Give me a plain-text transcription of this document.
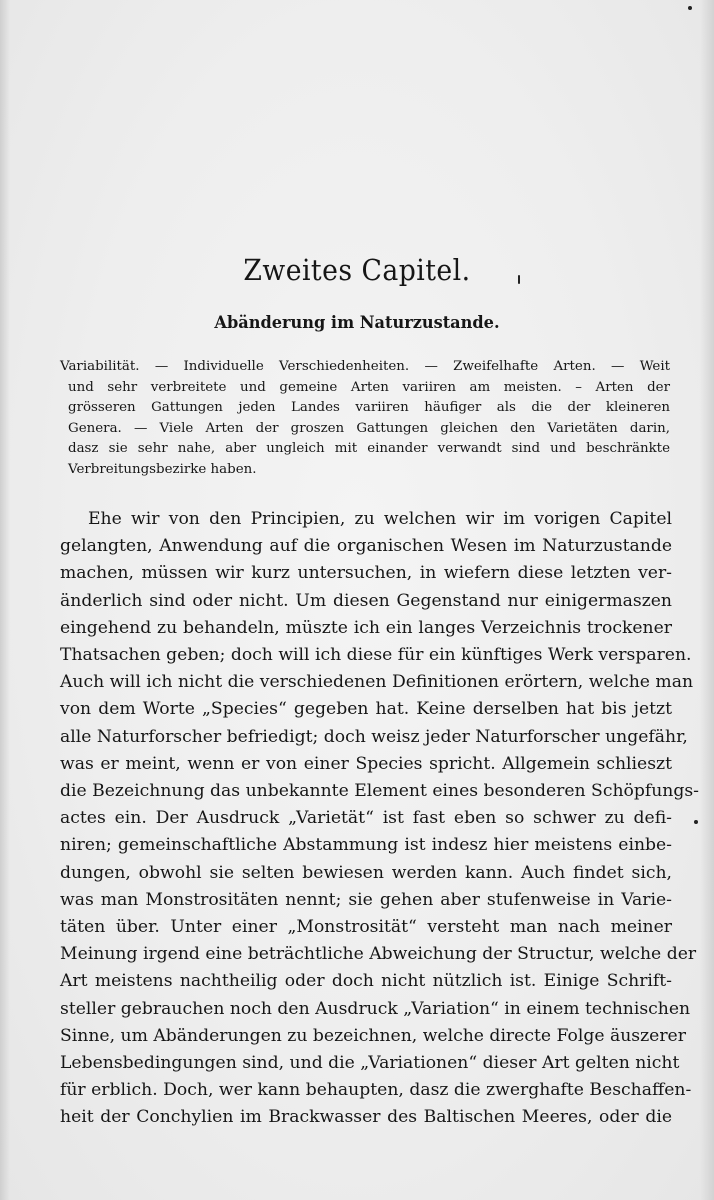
Zweites Capitel.
Abänderung im Naturzustande.
Variabilität. — Individuelle Verschiedenheiten. — Zweifelhafte Arten. — Weit
und sehr verbreitete und gemeine Arten variiren am meisten. – Arten der
grösseren Gattungen jeden Landes variiren häufiger als die der kleineren
Genera. — Viele Arten der groszen Gattungen gleichen den Varietäten darin,
dasz sie sehr nahe, aber ungleich mit einander verwandt sind und beschränkte
Verbreitungsbezirke haben.
Ehe wir von den Principien, zu welchen wir im vorigen Capitel
gelangten, Anwendung auf die organischen Wesen im Naturzustande
machen, müssen wir kurz untersuchen, in wiefern diese letzten ver-
änderlich sind oder nicht. Um diesen Gegenstand nur einigermaszen
eingehend zu behandeln, müszte ich ein langes Verzeichnis trockener
Thatsachen geben; doch will ich diese für ein künftiges Werk versparen.
Auch will ich nicht die verschiedenen Definitionen erörtern, welche man
von dem Worte „Species“ gegeben hat. Keine derselben hat bis jetzt
alle Naturforscher befriedigt; doch weisz jeder Naturforscher ungefähr,
was er meint, wenn er von einer Species spricht. Allgemein schlieszt
die Bezeichnung das unbekannte Element eines besonderen Schöpfungs-
actes ein. Der Ausdruck „Varietät“ ist fast eben so schwer zu defi-
niren; gemeinschaftliche Abstammung ist indesz hier meistens einbe-
dungen, obwohl sie selten bewiesen werden kann. Auch findet sich,
was man Monstrositäten nennt; sie gehen aber stufenweise in Varie-
täten über. Unter einer „Monstrosität“ versteht man nach meiner
Meinung irgend eine beträchtliche Abweichung der Structur, welche der
Art meistens nachtheilig oder doch nicht nützlich ist. Einige Schrift-
steller gebrauchen noch den Ausdruck „Variation“ in einem technischen
Sinne, um Abänderungen zu bezeichnen, welche directe Folge äuszerer
Lebensbedingungen sind, und die „Variationen“ dieser Art gelten nicht
für erblich. Doch, wer kann behaupten, dasz die zwerghafte Beschaffen-
heit der Conchylien im Brackwasser des Baltischen Meeres, oder die
